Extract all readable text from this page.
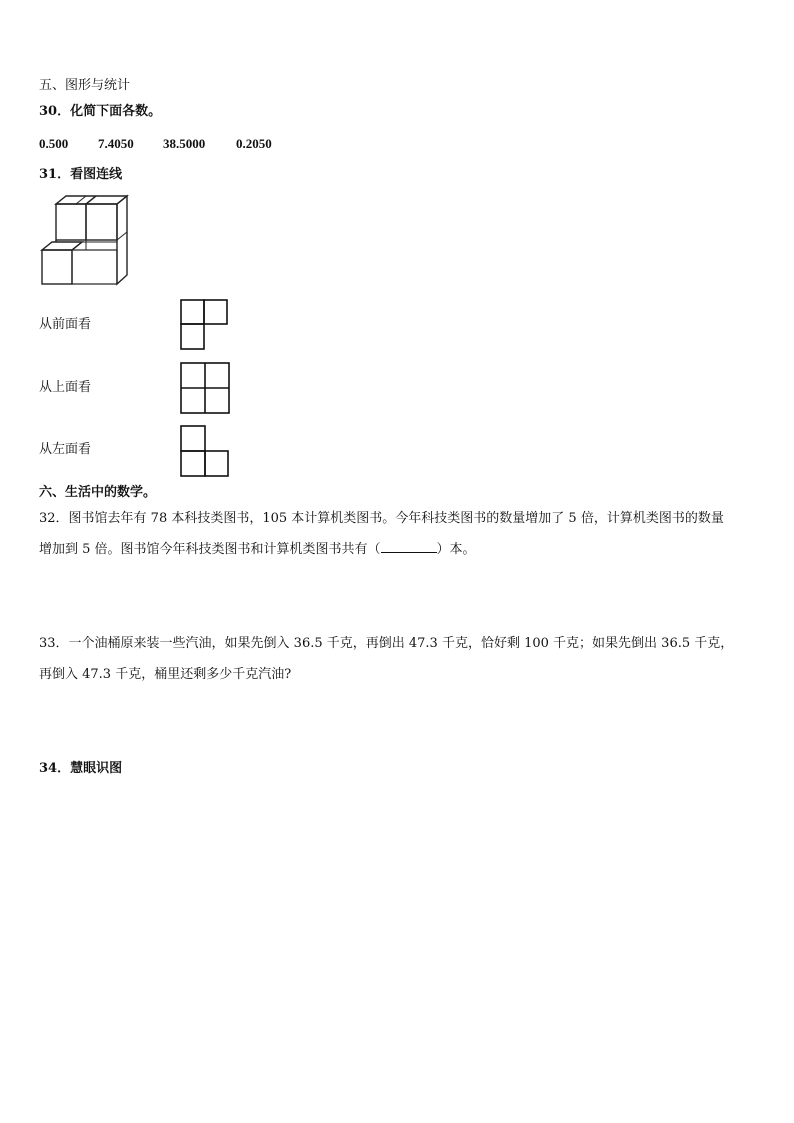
五、图形与统计
30．化简下面各数。
0.500 7.4050 38.5000 0.2050
31．看图连线
从前面看
从上面看
从左面看
六、生活中的数学。
32．图书馆去年有 78 本科技类图书，105 本计算机类图书。今年科技类图书的数量增加了 5 倍，计算机类图书的数量
增加到 5 倍。图书馆今年科技类图书和计算机类图书共有（	）本。
33．一个油桶原来装一些汽油，如果先倒入 36.5 千克，再倒出 47.3 千克，恰好剩 100 千克；如果先倒出 36.5 千克，
再倒入 47.3 千克，桶里还剩多少千克汽油?
34．慧眼识图
